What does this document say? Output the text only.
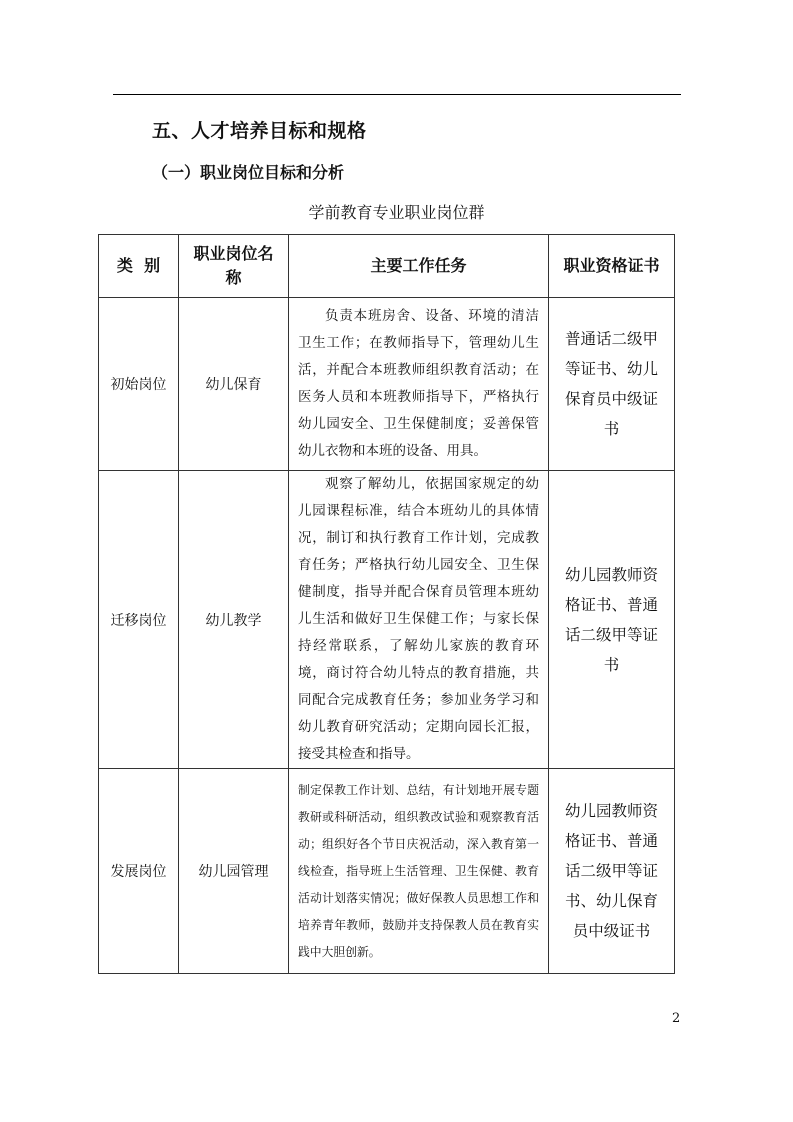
五、人才培养目标和规格
（一）职业岗位目标和分析
学前教育专业职业岗位群
类  别	职业岗位名称	主要工作任务	职业资格证书
初始岗位	幼儿保育	负责本班房舍、设备、环境的清洁卫生工作；在教师指导下，管理幼儿生活，并配合本班教师组织教育活动；在医务人员和本班教师指导下，严格执行幼儿园安全、卫生保健制度；妥善保管幼儿衣物和本班的设备、用具。	普通话二级甲等证书、幼儿保育员中级证书
迁移岗位	幼儿教学	观察了解幼儿，依据国家规定的幼儿园课程标准，结合本班幼儿的具体情况，制订和执行教育工作计划，完成教育任务；严格执行幼儿园安全、卫生保健制度，指导并配合保育员管理本班幼儿生活和做好卫生保健工作；与家长保持经常联系，了解幼儿家族的教育环境，商讨符合幼儿特点的教育措施，共同配合完成教育任务；参加业务学习和幼儿教育研究活动；定期向园长汇报，接受其检查和指导。	幼儿园教师资格证书、普通话二级甲等证书
发展岗位	幼儿园管理	制定保教工作计划、总结，有计划地开展专题教研或科研活动，组织教改试验和观察教育活动；组织好各个节日庆祝活动，深入教育第一线检查，指导班上生活管理、卫生保健、教育活动计划落实情况；做好保教人员思想工作和培养青年教师，鼓励并支持保教人员在教育实践中大胆创新。	幼儿园教师资格证书、普通话二级甲等证书、幼儿保育员中级证书
2
